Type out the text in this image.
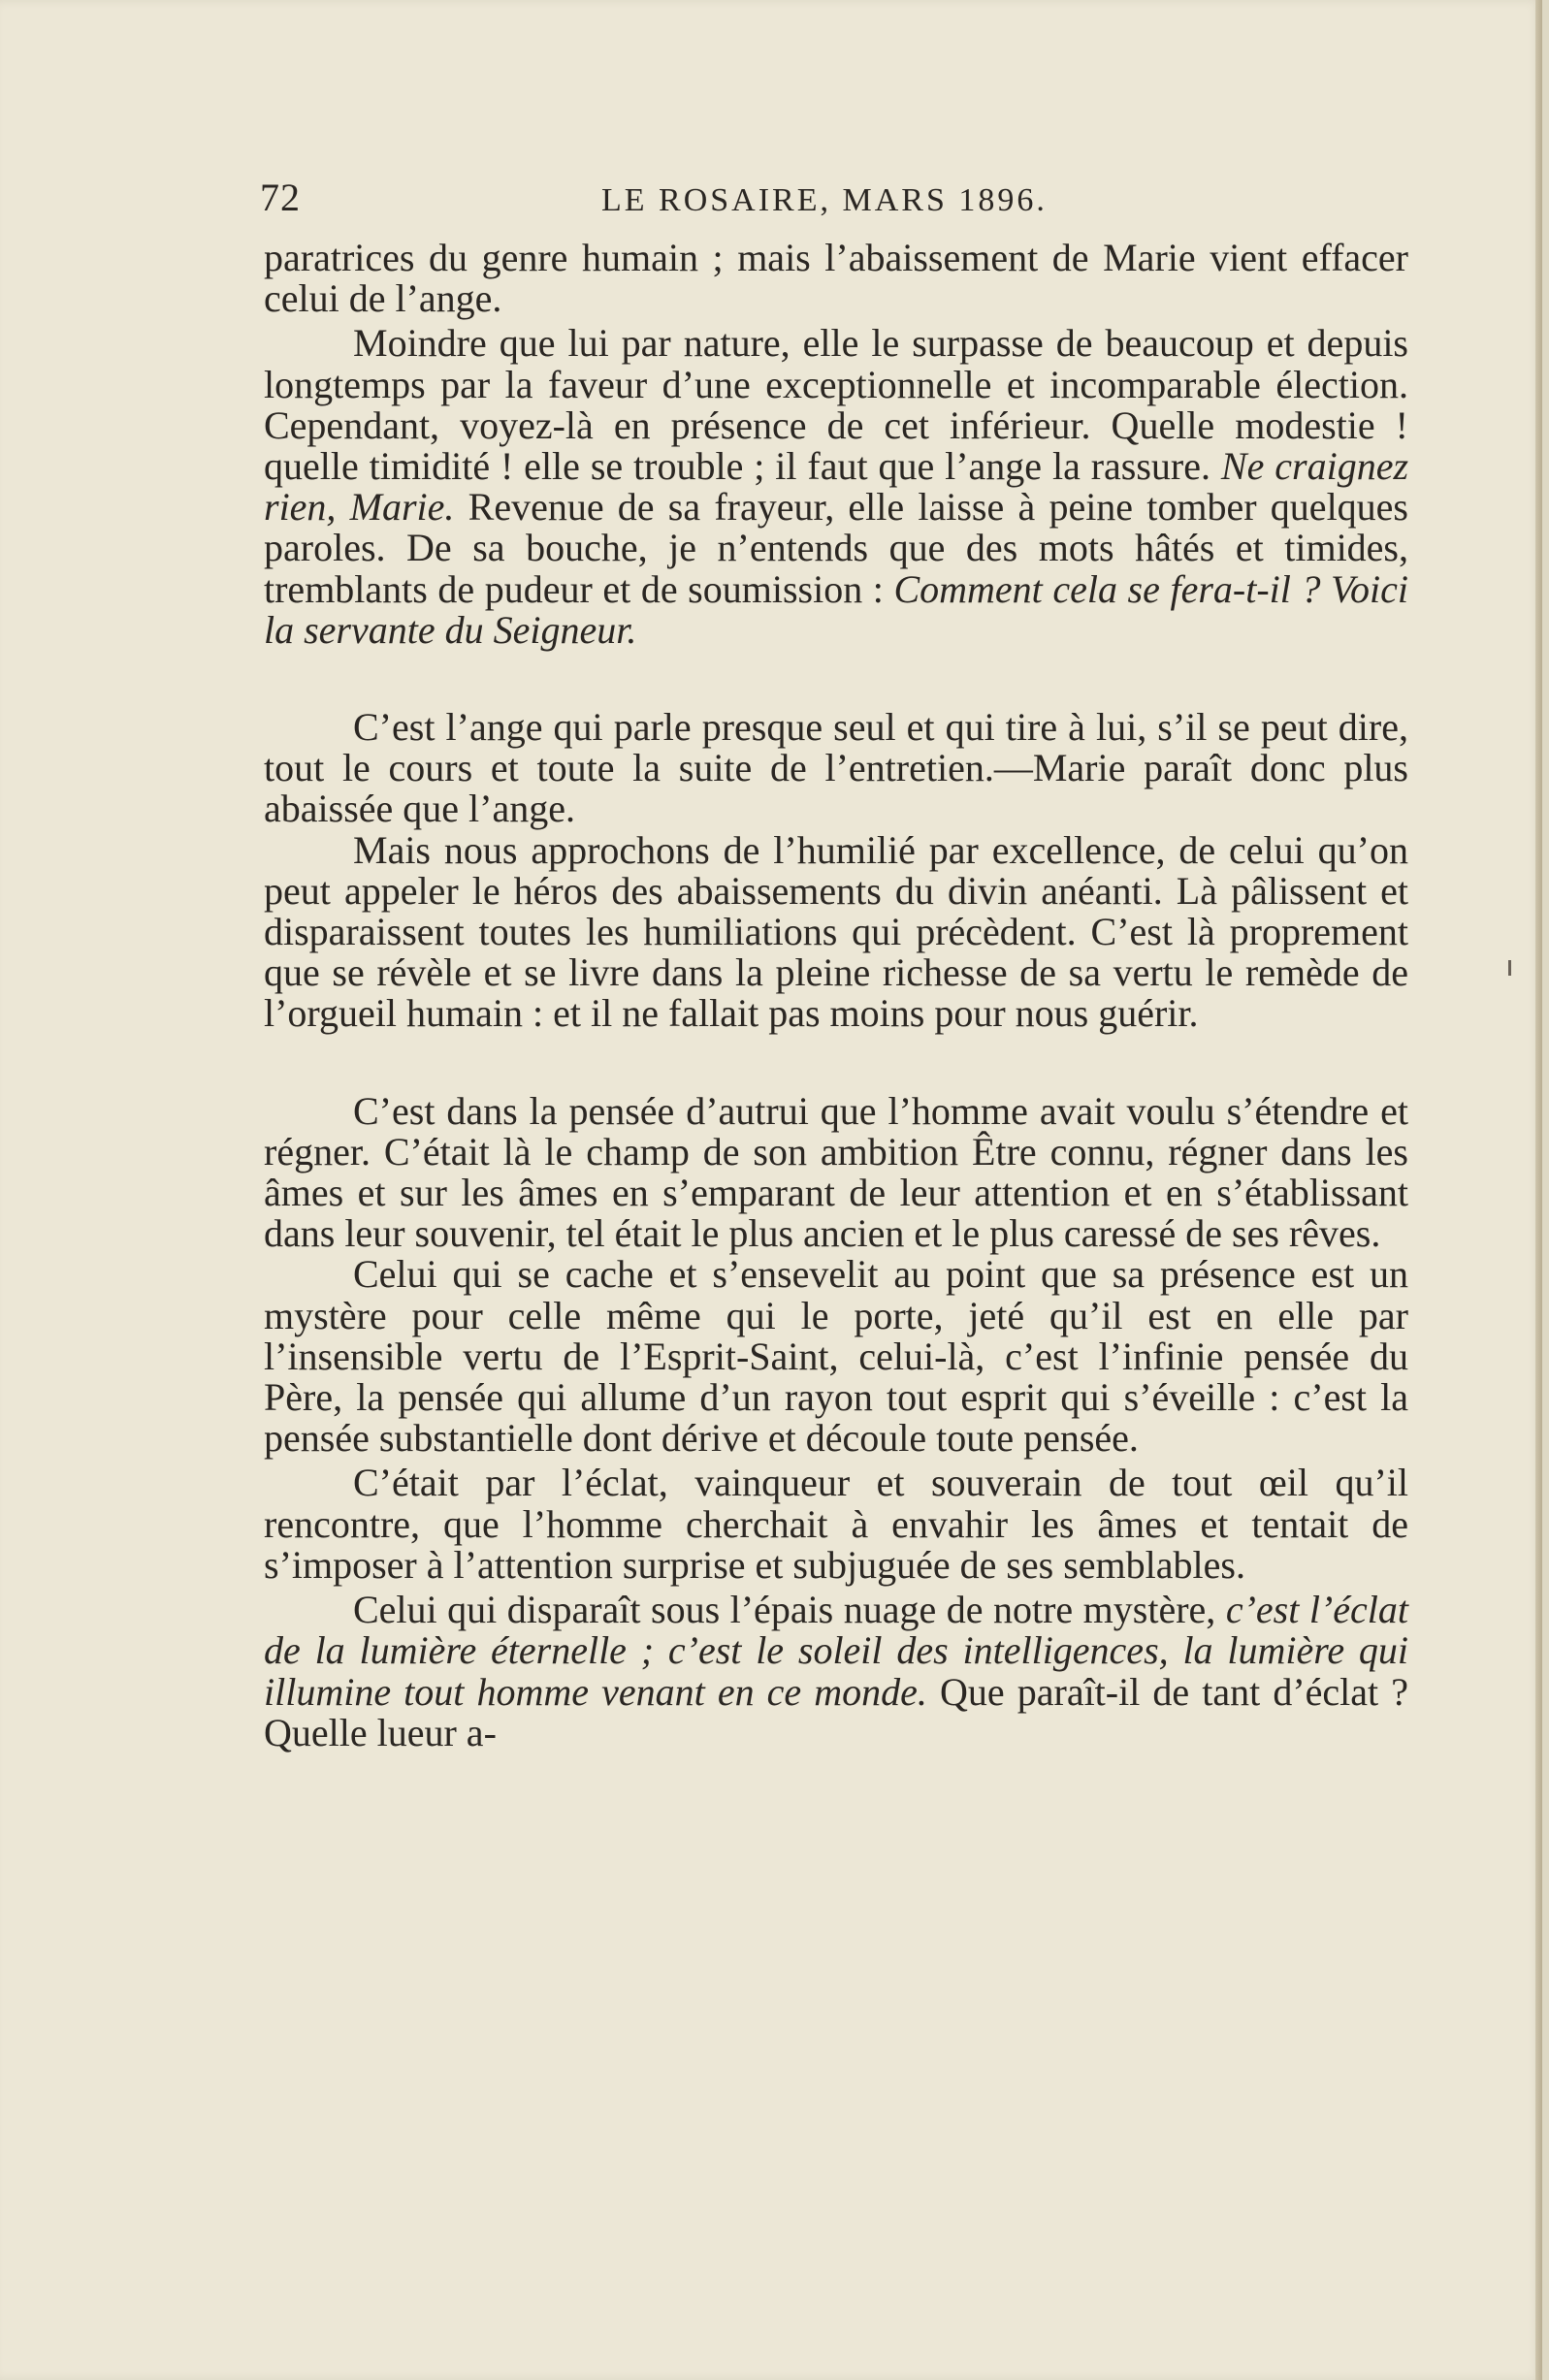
72	LE ROSAIRE, MARS 1896.

paratrices du genre humain ; mais l’abaissement de Marie vient effacer celui de l’ange.

Moindre que lui par nature, elle le surpasse de beaucoup et depuis longtemps par la faveur d’une exceptionnelle et incomparable élection. Cependant, voyez-là en présence de cet inférieur. Quelle modestie ! quelle timidité ! elle se trouble ; il faut que l’ange la rassure. Ne craignez rien, Marie. Revenue de sa frayeur, elle laisse à peine tomber quelques paroles. De sa bouche, je n’entends que des mots hâtés et timides, tremblants de pudeur et de soumission : Comment cela se fera-t-il ? Voici la servante du Seigneur.

C’est l’ange qui parle presque seul et qui tire à lui, s’il se peut dire, tout le cours et toute la suite de l’entretien.—Marie paraît donc plus abaissée que l’ange.

Mais nous approchons de l’humilié par excellence, de celui qu’on peut appeler le héros des abaissements du divin anéanti. Là pâlissent et disparaissent toutes les humiliations qui précèdent. C’est là proprement que se révèle et se livre dans la pleine richesse de sa vertu le remède de l’orgueil humain : et il ne fallait pas moins pour nous guérir.

C’est dans la pensée d’autrui que l’homme avait voulu s’étendre et régner. C’était là le champ de son ambition Être connu, régner dans les âmes et sur les âmes en s’emparant de leur attention et en s’établissant dans leur souvenir, tel était le plus ancien et le plus caressé de ses rêves.

Celui qui se cache et s’ensevelit au point que sa présence est un mystère pour celle même qui le porte, jeté qu’il est en elle par l’insensible vertu de l’Esprit-Saint, celui-là, c’est l’infinie pensée du Père, la pensée qui allume d’un rayon tout esprit qui s’éveille : c’est la pensée substantielle dont dérive et découle toute pensée.

C’était par l’éclat, vainqueur et souverain de tout œil qu’il rencontre, que l’homme cherchait à envahir les âmes et tentait de s’imposer à l’attention surprise et subjuguée de ses semblables.

Celui qui disparaît sous l’épais nuage de notre mystère, c’est l’éclat de la lumière éternelle ; c’est le soleil des intelligences, la lumière qui illumine tout homme venant en ce monde. Que paraît-il de tant d’éclat ? Quelle lueur a-
